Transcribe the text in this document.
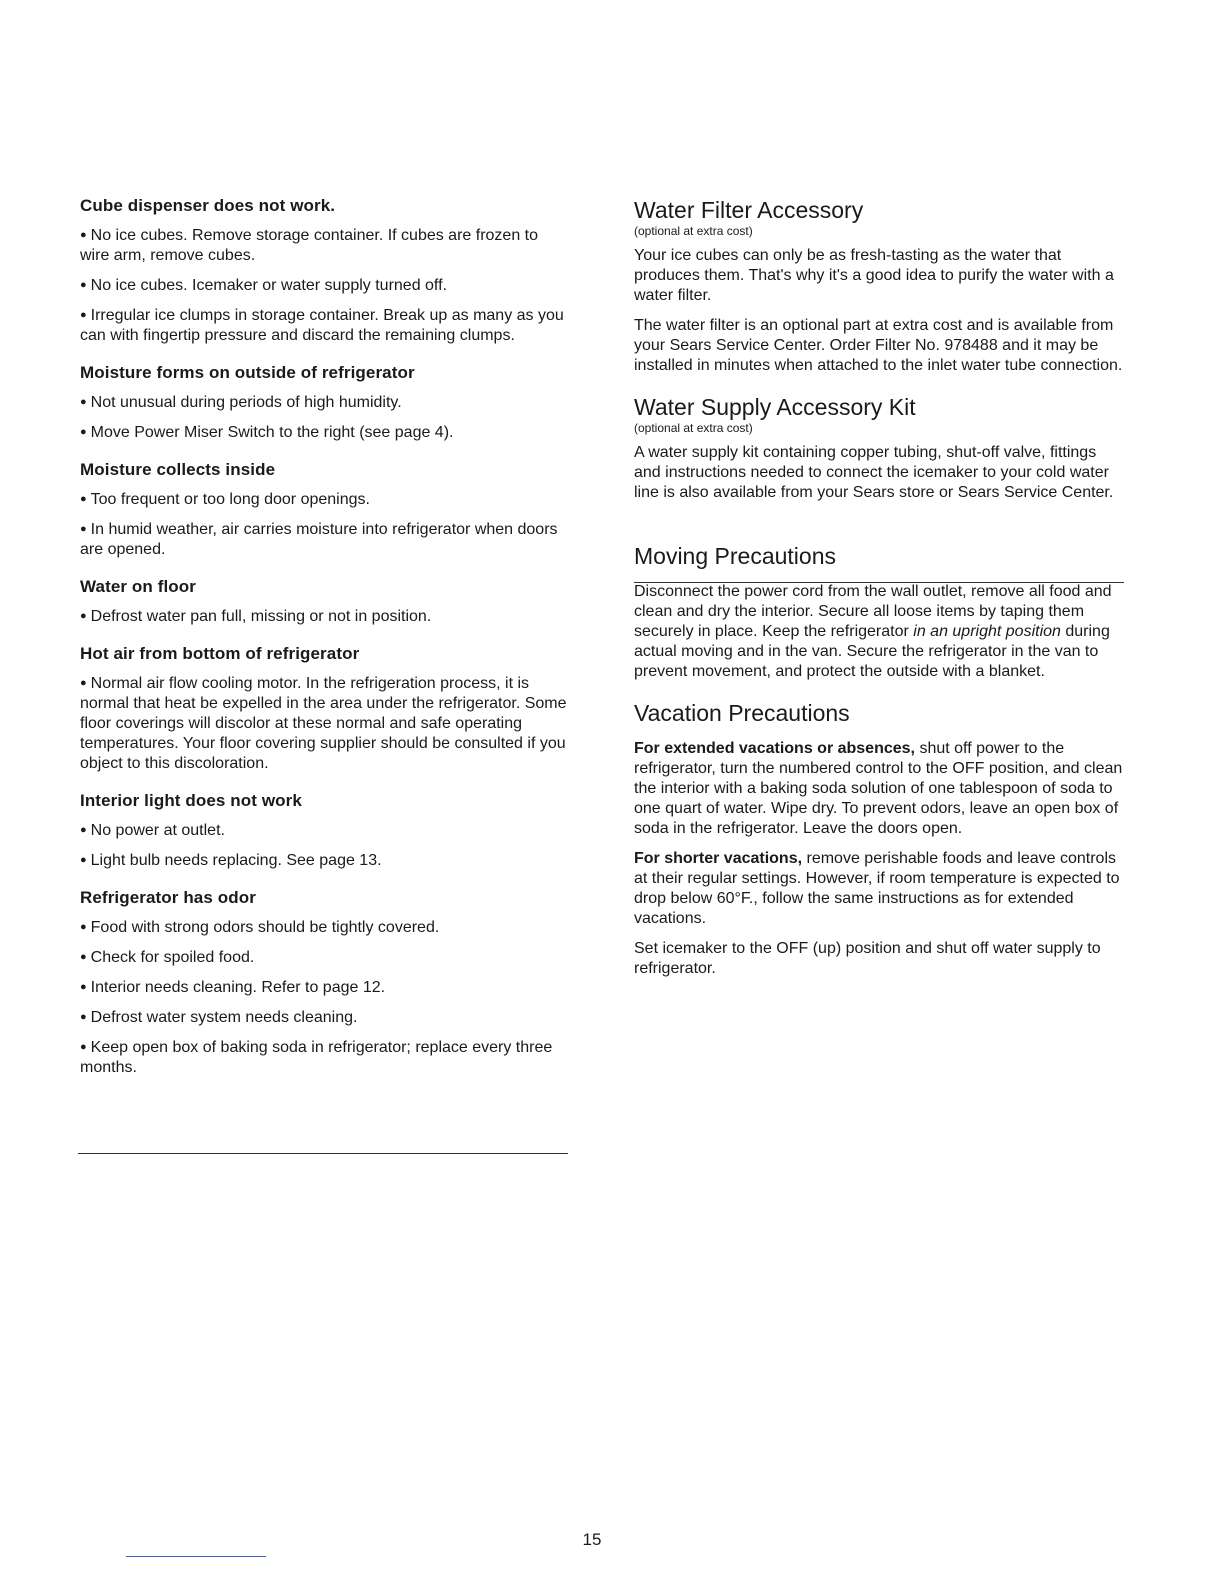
Cube dispenser does not work.
● No ice cubes. Remove storage container. If cubes are frozen to wire arm, remove cubes.
● No ice cubes. Icemaker or water supply turned off.
● Irregular ice clumps in storage container. Break up as many as you can with fingertip pressure and discard the remaining clumps.
Moisture forms on outside of refrigerator
● Not unusual during periods of high humidity.
● Move Power Miser Switch to the right (see page 4).
Moisture collects inside
● Too frequent or too long door openings.
● In humid weather, air carries moisture into refrigerator when doors are opened.
Water on floor
● Defrost water pan full, missing or not in position.
Hot air from bottom of refrigerator
● Normal air flow cooling motor. In the refrigeration process, it is normal that heat be expelled in the area under the refrigerator. Some floor coverings will discolor at these normal and safe operating temperatures. Your floor covering supplier should be consulted if you object to this discoloration.
Interior light does not work
● No power at outlet.
● Light bulb needs replacing. See page 13.
Refrigerator has odor
● Food with strong odors should be tightly covered.
● Check for spoiled food.
● Interior needs cleaning. Refer to page 12.
● Defrost water system needs cleaning.
● Keep open box of baking soda in refrigerator; replace every three months.
Water Filter Accessory
(optional at extra cost)
Your ice cubes can only be as fresh-tasting as the water that produces them. That's why it's a good idea to purify the water with a water filter.
The water filter is an optional part at extra cost and is available from your Sears Service Center. Order Filter No. 978488 and it may be installed in minutes when attached to the inlet water tube connection.
Water Supply Accessory Kit
(optional at extra cost)
A water supply kit containing copper tubing, shut-off valve, fittings and instructions needed to connect the icemaker to your cold water line is also available from your Sears store or Sears Service Center.
Moving Precautions
Disconnect the power cord from the wall outlet, remove all food and clean and dry the interior. Secure all loose items by taping them securely in place. Keep the refrigerator in an upright position during actual moving and in the van. Secure the refrigerator in the van to prevent movement, and protect the outside with a blanket.
Vacation Precautions
For extended vacations or absences, shut off power to the refrigerator, turn the numbered control to the OFF position, and clean the interior with a baking soda solution of one tablespoon of soda to one quart of water. Wipe dry. To prevent odors, leave an open box of soda in the refrigerator. Leave the doors open.
For shorter vacations, remove perishable foods and leave controls at their regular settings. However, if room temperature is expected to drop below 60°F., follow the same instructions as for extended vacations.
Set icemaker to the OFF (up) position and shut off water supply to refrigerator.
15
